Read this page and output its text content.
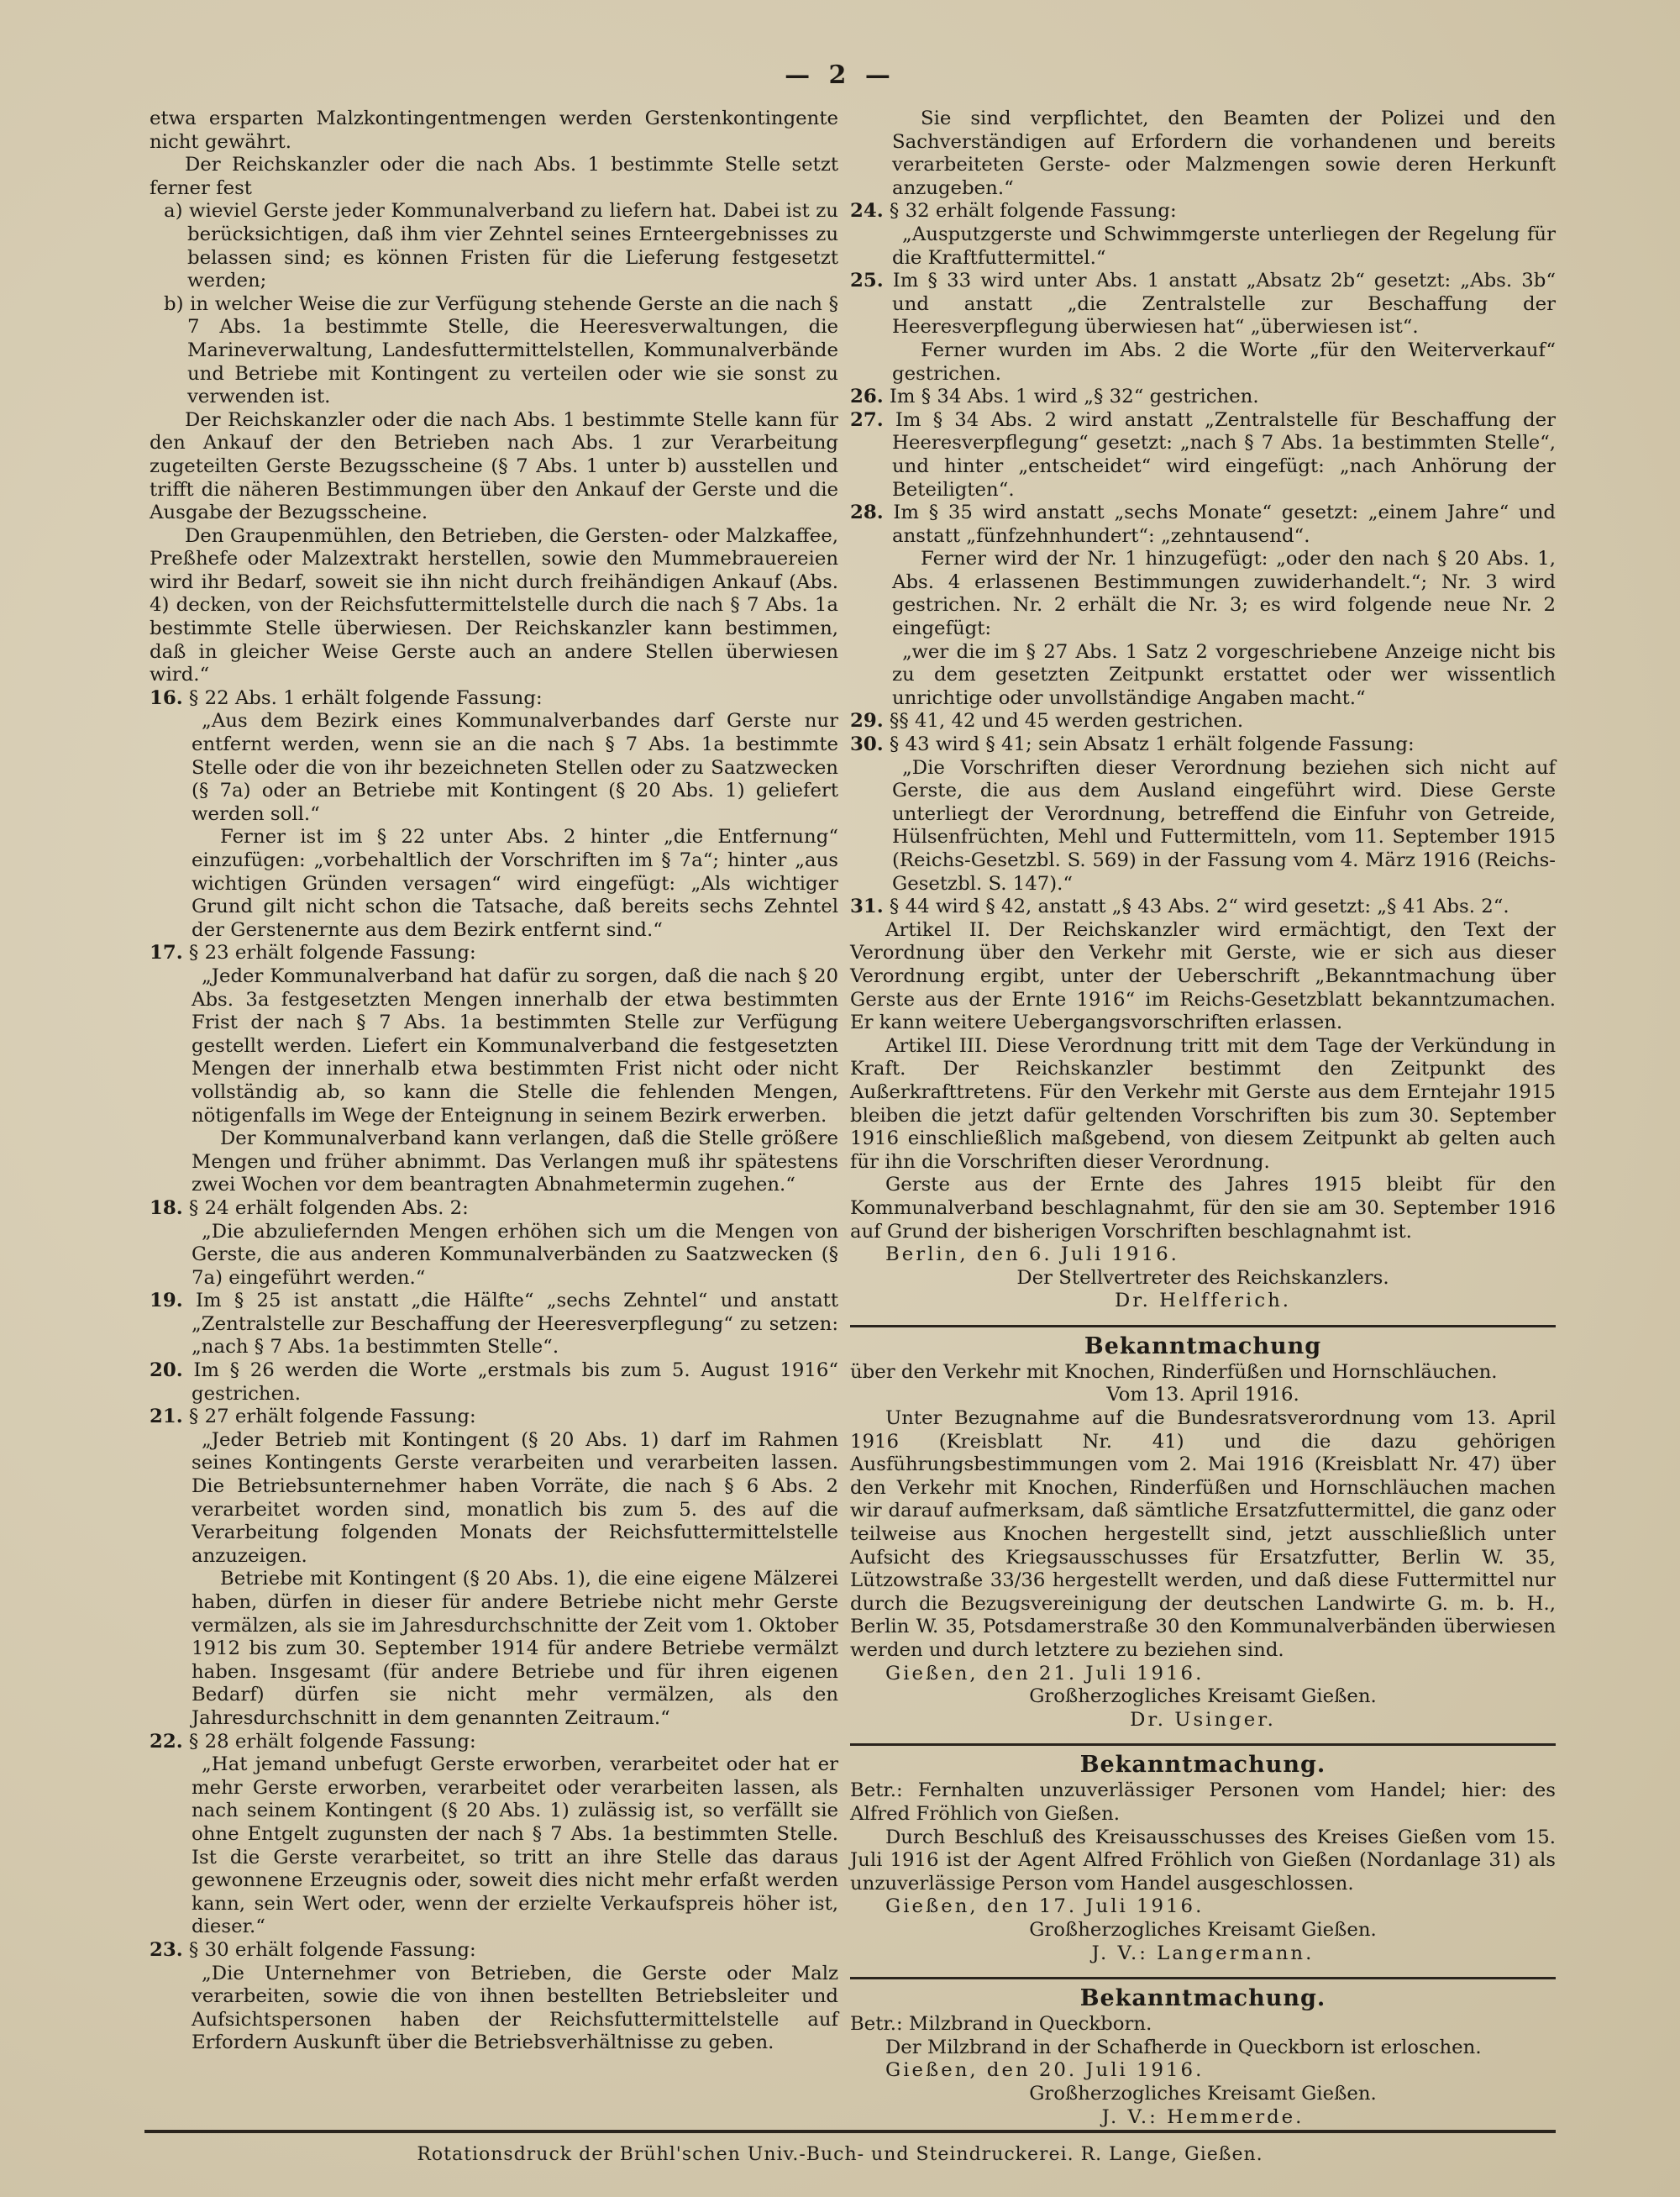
— 2 —

etwa ersparten Malzkontingentmengen werden Gerstenkontingente nicht gewährt.

Der Reichskanzler oder die nach Abs. 1 bestimmte Stelle setzt ferner fest

a) wieviel Gerste jeder Kommunalverband zu liefern hat. Dabei ist zu berücksichtigen, daß ihm vier Zehntel seines Ernteergebnisses zu belassen sind; es können Fristen für die Lieferung festgesetzt werden;

b) in welcher Weise die zur Verfügung stehende Gerste an die nach § 7 Abs. 1a bestimmte Stelle, die Heeresverwaltungen, die Marineverwaltung, Landesfuttermittelstellen, Kommunalverbände und Betriebe mit Kontingent zu verteilen oder wie sie sonst zu verwenden ist.

Der Reichskanzler oder die nach Abs. 1 bestimmte Stelle kann für den Ankauf der den Betrieben nach Abs. 1 zur Verarbeitung zugeteilten Gerste Bezugsscheine (§ 7 Abs. 1 unter b) ausstellen und trifft die näheren Bestimmungen über den Ankauf der Gerste und die Ausgabe der Bezugsscheine.

Den Graupenmühlen, den Betrieben, die Gersten- oder Malzkaffee, Preßhefe oder Malzextrakt herstellen, sowie den Mummebrauereien wird ihr Bedarf, soweit sie ihn nicht durch freihändigen Ankauf (Abs. 4) decken, von der Reichsfuttermittelstelle durch die nach § 7 Abs. 1a bestimmte Stelle überwiesen. Der Reichskanzler kann bestimmen, daß in gleicher Weise Gerste auch an andere Stellen überwiesen wird.“

16. § 22 Abs. 1 erhält folgende Fassung:

„Aus dem Bezirk eines Kommunalverbandes darf Gerste nur entfernt werden, wenn sie an die nach § 7 Abs. 1a bestimmte Stelle oder die von ihr bezeichneten Stellen oder zu Saatzwecken (§ 7a) oder an Betriebe mit Kontingent (§ 20 Abs. 1) geliefert werden soll.“

Ferner ist im § 22 unter Abs. 2 hinter „die Entfernung“ einzufügen: „vorbehaltlich der Vorschriften im § 7a“; hinter „aus wichtigen Gründen versagen“ wird eingefügt: „Als wichtiger Grund gilt nicht schon die Tatsache, daß bereits sechs Zehntel der Gerstenernte aus dem Bezirk entfernt sind.“

17. § 23 erhält folgende Fassung:

„Jeder Kommunalverband hat dafür zu sorgen, daß die nach § 20 Abs. 3a festgesetzten Mengen innerhalb der etwa bestimmten Frist der nach § 7 Abs. 1a bestimmten Stelle zur Verfügung gestellt werden. Liefert ein Kommunalverband die festgesetzten Mengen der innerhalb etwa bestimmten Frist nicht oder nicht vollständig ab, so kann die Stelle die fehlenden Mengen, nötigenfalls im Wege der Enteignung in seinem Bezirk erwerben.

Der Kommunalverband kann verlangen, daß die Stelle größere Mengen und früher abnimmt. Das Verlangen muß ihr spätestens zwei Wochen vor dem beantragten Abnahmetermin zugehen.“

18. § 24 erhält folgenden Abs. 2:

„Die abzuliefernden Mengen erhöhen sich um die Mengen von Gerste, die aus anderen Kommunalverbänden zu Saatzwecken (§ 7a) eingeführt werden.“

19. Im § 25 ist anstatt „die Hälfte“ „sechs Zehntel“ und anstatt „Zentralstelle zur Beschaffung der Heeresverpflegung“ zu setzen: „nach § 7 Abs. 1a bestimmten Stelle“.

20. Im § 26 werden die Worte „erstmals bis zum 5. August 1916“ gestrichen.

21. § 27 erhält folgende Fassung:

„Jeder Betrieb mit Kontingent (§ 20 Abs. 1) darf im Rahmen seines Kontingents Gerste verarbeiten und verarbeiten lassen. Die Betriebsunternehmer haben Vorräte, die nach § 6 Abs. 2 verarbeitet worden sind, monatlich bis zum 5. des auf die Verarbeitung folgenden Monats der Reichsfuttermittelstelle anzuzeigen.

Betriebe mit Kontingent (§ 20 Abs. 1), die eine eigene Mälzerei haben, dürfen in dieser für andere Betriebe nicht mehr Gerste vermälzen, als sie im Jahresdurchschnitte der Zeit vom 1. Oktober 1912 bis zum 30. September 1914 für andere Betriebe vermälzt haben. Insgesamt (für andere Betriebe und für ihren eigenen Bedarf) dürfen sie nicht mehr vermälzen, als den Jahresdurchschnitt in dem genannten Zeitraum.“

22. § 28 erhält folgende Fassung:

„Hat jemand unbefugt Gerste erworben, verarbeitet oder hat er mehr Gerste erworben, verarbeitet oder verarbeiten lassen, als nach seinem Kontingent (§ 20 Abs. 1) zulässig ist, so verfällt sie ohne Entgelt zugunsten der nach § 7 Abs. 1a bestimmten Stelle. Ist die Gerste verarbeitet, so tritt an ihre Stelle das daraus gewonnene Erzeugnis oder, soweit dies nicht mehr erfaßt werden kann, sein Wert oder, wenn der erzielte Verkaufspreis höher ist, dieser.“

23. § 30 erhält folgende Fassung:

„Die Unternehmer von Betrieben, die Gerste oder Malz verarbeiten, sowie die von ihnen bestellten Betriebsleiter und Aufsichtspersonen haben der Reichsfuttermittelstelle auf Erfordern Auskunft über die Betriebsverhältnisse zu geben.

Sie sind verpflichtet, den Beamten der Polizei und den Sachverständigen auf Erfordern die vorhandenen und bereits verarbeiteten Gerste- oder Malzmengen sowie deren Herkunft anzugeben.“

24. § 32 erhält folgende Fassung:

„Ausputzgerste und Schwimmgerste unterliegen der Regelung für die Kraftfuttermittel.“

25. Im § 33 wird unter Abs. 1 anstatt „Absatz 2b“ gesetzt: „Abs. 3b“ und anstatt „die Zentralstelle zur Beschaffung der Heeresverpflegung überwiesen hat“ „überwiesen ist“.

Ferner wurden im Abs. 2 die Worte „für den Weiterverkauf“ gestrichen.

26. Im § 34 Abs. 1 wird „§ 32“ gestrichen.

27. Im § 34 Abs. 2 wird anstatt „Zentralstelle für Beschaffung der Heeresverpflegung“ gesetzt: „nach § 7 Abs. 1a bestimmten Stelle“, und hinter „entscheidet“ wird eingefügt: „nach Anhörung der Beteiligten“.

28. Im § 35 wird anstatt „sechs Monate“ gesetzt: „einem Jahre“ und anstatt „fünfzehnhundert“: „zehntausend“.

Ferner wird der Nr. 1 hinzugefügt: „oder den nach § 20 Abs. 1, Abs. 4 erlassenen Bestimmungen zuwiderhandelt.“; Nr. 3 wird gestrichen. Nr. 2 erhält die Nr. 3; es wird folgende neue Nr. 2 eingefügt:

„wer die im § 27 Abs. 1 Satz 2 vorgeschriebene Anzeige nicht bis zu dem gesetzten Zeitpunkt erstattet oder wer wissentlich unrichtige oder unvollständige Angaben macht.“

29. §§ 41, 42 und 45 werden gestrichen.

30. § 43 wird § 41; sein Absatz 1 erhält folgende Fassung:

„Die Vorschriften dieser Verordnung beziehen sich nicht auf Gerste, die aus dem Ausland eingeführt wird. Diese Gerste unterliegt der Verordnung, betreffend die Einfuhr von Getreide, Hülsenfrüchten, Mehl und Futtermitteln, vom 11. September 1915 (Reichs-Gesetzbl. S. 569) in der Fassung vom 4. März 1916 (Reichs-Gesetzbl. S. 147).“

31. § 44 wird § 42, anstatt „§ 43 Abs. 2“ wird gesetzt: „§ 41 Abs. 2“.

Artikel II. Der Reichskanzler wird ermächtigt, den Text der Verordnung über den Verkehr mit Gerste, wie er sich aus dieser Verordnung ergibt, unter der Ueberschrift „Bekanntmachung über Gerste aus der Ernte 1916“ im Reichs-Gesetzblatt bekanntzumachen. Er kann weitere Uebergangsvorschriften erlassen.

Artikel III. Diese Verordnung tritt mit dem Tage der Verkündung in Kraft. Der Reichskanzler bestimmt den Zeitpunkt des Außerkrafttretens. Für den Verkehr mit Gerste aus dem Erntejahr 1915 bleiben die jetzt dafür geltenden Vorschriften bis zum 30. September 1916 einschließlich maßgebend, von diesem Zeitpunkt ab gelten auch für ihn die Vorschriften dieser Verordnung.

Gerste aus der Ernte des Jahres 1915 bleibt für den Kommunalverband beschlagnahmt, für den sie am 30. September 1916 auf Grund der bisherigen Vorschriften beschlagnahmt ist.

Berlin, den 6. Juli 1916.

Der Stellvertreter des Reichskanzlers.

Dr. Helfferich.

Bekanntmachung

über den Verkehr mit Knochen, Rinderfüßen und Hornschläuchen.

Vom 13. April 1916.

Unter Bezugnahme auf die Bundesratsverordnung vom 13. April 1916 (Kreisblatt Nr. 41) und die dazu gehörigen Ausführungsbestimmungen vom 2. Mai 1916 (Kreisblatt Nr. 47) über den Verkehr mit Knochen, Rinderfüßen und Hornschläuchen machen wir darauf aufmerksam, daß sämtliche Ersatzfuttermittel, die ganz oder teilweise aus Knochen hergestellt sind, jetzt ausschließlich unter Aufsicht des Kriegsausschusses für Ersatzfutter, Berlin W. 35, Lützowstraße 33/36 hergestellt werden, und daß diese Futtermittel nur durch die Bezugsvereinigung der deutschen Landwirte G. m. b. H., Berlin W. 35, Potsdamerstraße 30 den Kommunalverbänden überwiesen werden und durch letztere zu beziehen sind.

Gießen, den 21. Juli 1916.

Großherzogliches Kreisamt Gießen.

Dr. Usinger.

Bekanntmachung.

Betr.: Fernhalten unzuverlässiger Personen vom Handel; hier: des Alfred Fröhlich von Gießen.

Durch Beschluß des Kreisausschusses des Kreises Gießen vom 15. Juli 1916 ist der Agent Alfred Fröhlich von Gießen (Nordanlage 31) als unzuverlässige Person vom Handel ausgeschlossen.

Gießen, den 17. Juli 1916.

Großherzogliches Kreisamt Gießen.

J. V.: Langermann.

Bekanntmachung.

Betr.: Milzbrand in Queckborn.

Der Milzbrand in der Schafherde in Queckborn ist erloschen.

Gießen, den 20. Juli 1916.

Großherzogliches Kreisamt Gießen.

J. V.: Hemmerde.

Rotationsdruck der Brühl'schen Univ.-Buch- und Steindruckerei. R. Lange, Gießen.
